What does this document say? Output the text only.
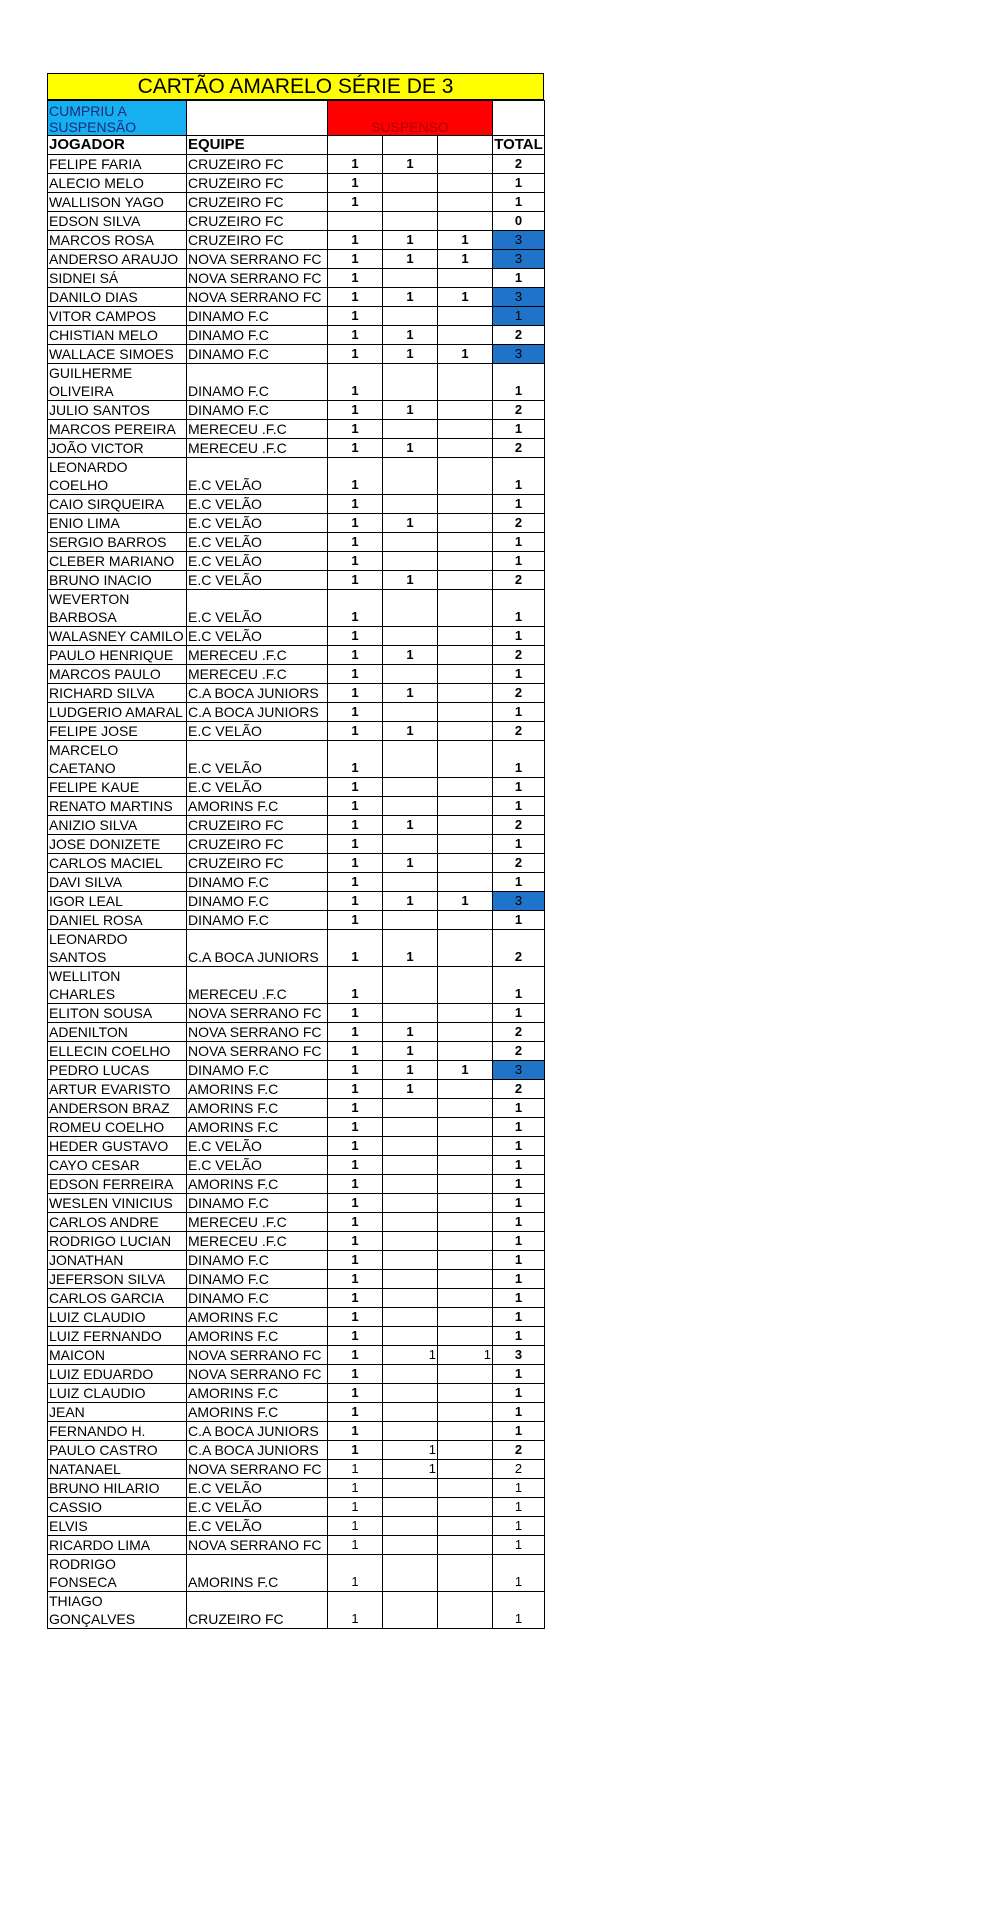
CARTÃO AMARELO SÉRIE DE 3
CUMPRIU A SUSPENSÃO		SUSPENSO			
JOGADOR	EQUIPE				TOTAL
FELIPE FARIA	CRUZEIRO FC	1	1		2
ALECIO MELO	CRUZEIRO FC	1			1
WALLISON YAGO	CRUZEIRO FC	1			1
EDSON SILVA	CRUZEIRO FC				0
MARCOS ROSA	CRUZEIRO FC	1	1	1	3
ANDERSO ARAUJO	NOVA SERRANO FC	1	1	1	3
SIDNEI SÁ	NOVA SERRANO FC	1			1
DANILO DIAS	NOVA SERRANO FC	1	1	1	3
VITOR CAMPOS	DINAMO F.C	1			1
CHISTIAN MELO	DINAMO F.C	1	1		2
WALLACE SIMOES	DINAMO F.C	1	1	1	3
GUILHERME OLIVEIRA	DINAMO F.C	1			1
JULIO SANTOS	DINAMO F.C	1	1		2
MARCOS PEREIRA	MERECEU .F.C	1			1
JOÃO VICTOR	MERECEU .F.C	1	1		2
LEONARDO COELHO	E.C VELÃO	1			1
CAIO SIRQUEIRA	E.C VELÃO	1			1
ENIO LIMA	E.C VELÃO	1	1		2
SERGIO BARROS	E.C VELÃO	1			1
CLEBER MARIANO	E.C VELÃO	1			1
BRUNO INACIO	E.C VELÃO	1	1		2
WEVERTON BARBOSA	E.C VELÃO	1			1
WALASNEY CAMILO	E.C VELÃO	1			1
PAULO HENRIQUE	MERECEU .F.C	1	1		2
MARCOS PAULO	MERECEU .F.C	1			1
RICHARD SILVA	C.A BOCA JUNIORS	1	1		2
LUDGERIO AMARAL	C.A BOCA JUNIORS	1			1
FELIPE JOSE	E.C VELÃO	1	1		2
MARCELO CAETANO	E.C VELÃO	1			1
FELIPE KAUE	E.C VELÃO	1			1
RENATO MARTINS	AMORINS F.C	1			1
ANIZIO SILVA	CRUZEIRO FC	1	1		2
JOSE DONIZETE	CRUZEIRO FC	1			1
CARLOS MACIEL	CRUZEIRO FC	1	1		2
DAVI SILVA	DINAMO F.C	1			1
IGOR LEAL	DINAMO F.C	1	1	1	3
DANIEL ROSA	DINAMO F.C	1			1
LEONARDO SANTOS	C.A BOCA JUNIORS	1	1		2
WELLITON CHARLES	MERECEU .F.C	1			1
ELITON SOUSA	NOVA SERRANO FC	1			1
ADENILTON	NOVA SERRANO FC	1	1		2
ELLECIN COELHO	NOVA SERRANO FC	1	1		2
PEDRO LUCAS	DINAMO F.C	1	1	1	3
ARTUR EVARISTO	AMORINS F.C	1	1		2
ANDERSON BRAZ	AMORINS F.C	1			1
ROMEU COELHO	AMORINS F.C	1			1
HEDER GUSTAVO	E.C VELÃO	1			1
CAYO CESAR	E.C VELÃO	1			1
EDSON FERREIRA	AMORINS F.C	1			1
WESLEN VINICIUS	DINAMO F.C	1			1
CARLOS ANDRE	MERECEU .F.C	1			1
RODRIGO LUCIAN	MERECEU .F.C	1			1
JONATHAN	DINAMO F.C	1			1
JEFERSON SILVA	DINAMO F.C	1			1
CARLOS GARCIA	DINAMO F.C	1			1
LUIZ CLAUDIO	AMORINS F.C	1			1
LUIZ FERNANDO	AMORINS F.C	1			1
MAICON	NOVA SERRANO FC	1	1	1	3
LUIZ EDUARDO	NOVA SERRANO FC	1			1
LUIZ CLAUDIO	AMORINS F.C	1			1
JEAN	AMORINS F.C	1			1
FERNANDO H.	C.A BOCA JUNIORS	1			1
PAULO CASTRO	C.A BOCA JUNIORS	1	1		2
NATANAEL	NOVA SERRANO FC	1	1		2
BRUNO HILARIO	E.C VELÃO	1			1
CASSIO	E.C VELÃO	1			1
ELVIS	E.C VELÃO	1			1
RICARDO LIMA	NOVA SERRANO FC	1			1
RODRIGO FONSECA	AMORINS F.C	1			1
THIAGO GONÇALVES	CRUZEIRO FC	1			1
